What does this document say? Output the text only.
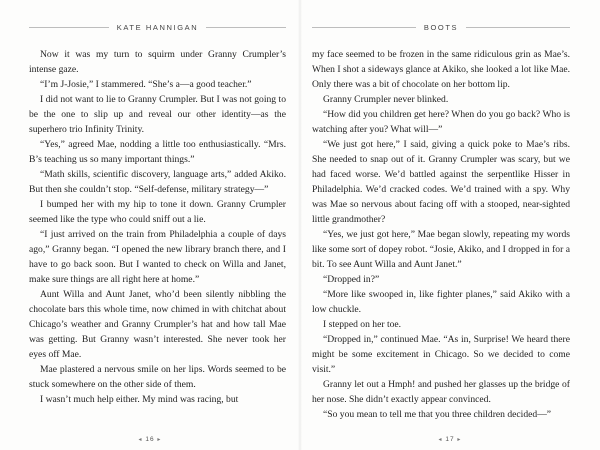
KATE HANNIGAN

Now it was my turn to squirm under Granny Crumpler’s intense gaze.

“I’m J-Josie,” I stammered. “She’s a—a good teacher.”

I did not want to lie to Granny Crumpler. But I was not going to be the one to slip up and reveal our other identity—as the superhero trio Infinity Trinity.

“Yes,” agreed Mae, nodding a little too enthusiastically. “Mrs. B’s teaching us so many important things.”

“Math skills, scientific discovery, language arts,” added Akiko. But then she couldn’t stop. “Self-defense, military strategy—”

I bumped her with my hip to tone it down. Granny Crumpler seemed like the type who could sniff out a lie.

“I just arrived on the train from Philadelphia a couple of days ago,” Granny began. “I opened the new library branch there, and I have to go back soon. But I wanted to check on Willa and Janet, make sure things are all right here at home.”

Aunt Willa and Aunt Janet, who’d been silently nibbling the chocolate bars this whole time, now chimed in with chitchat about Chicago’s weather and Granny Crumpler’s hat and how tall Mae was getting. But Granny wasn’t interested. She never took her eyes off Mae.

Mae plastered a nervous smile on her lips. Words seemed to be stuck somewhere on the other side of them.

I wasn’t much help either. My mind was racing, but

◂ 16 ▸
BOOTS

my face seemed to be frozen in the same ridiculous grin as Mae’s. When I shot a sideways glance at Akiko, she looked a lot like Mae. Only there was a bit of chocolate on her bottom lip.

Granny Crumpler never blinked.

“How did you children get here? When do you go back? Who is watching after you? What will—”

“We just got here,” I said, giving a quick poke to Mae’s ribs. She needed to snap out of it. Granny Crumpler was scary, but we had faced worse. We’d battled against the serpentlike Hisser in Philadelphia. We’d cracked codes. We’d trained with a spy. Why was Mae so nervous about facing off with a stooped, near-sighted little grandmother?

“Yes, we just got here,” Mae began slowly, repeating my words like some sort of dopey robot. “Josie, Akiko, and I dropped in for a bit. To see Aunt Willa and Aunt Janet.”

“Dropped in?”

“More like swooped in, like fighter planes,” said Akiko with a low chuckle.

I stepped on her toe.

“Dropped in,” continued Mae. “As in, Surprise! We heard there might be some excitement in Chicago. So we decided to come visit.”

Granny let out a Hmph! and pushed her glasses up the bridge of her nose. She didn’t exactly appear convinced.

“So you mean to tell me that you three children decided—”

◂ 17 ▸
